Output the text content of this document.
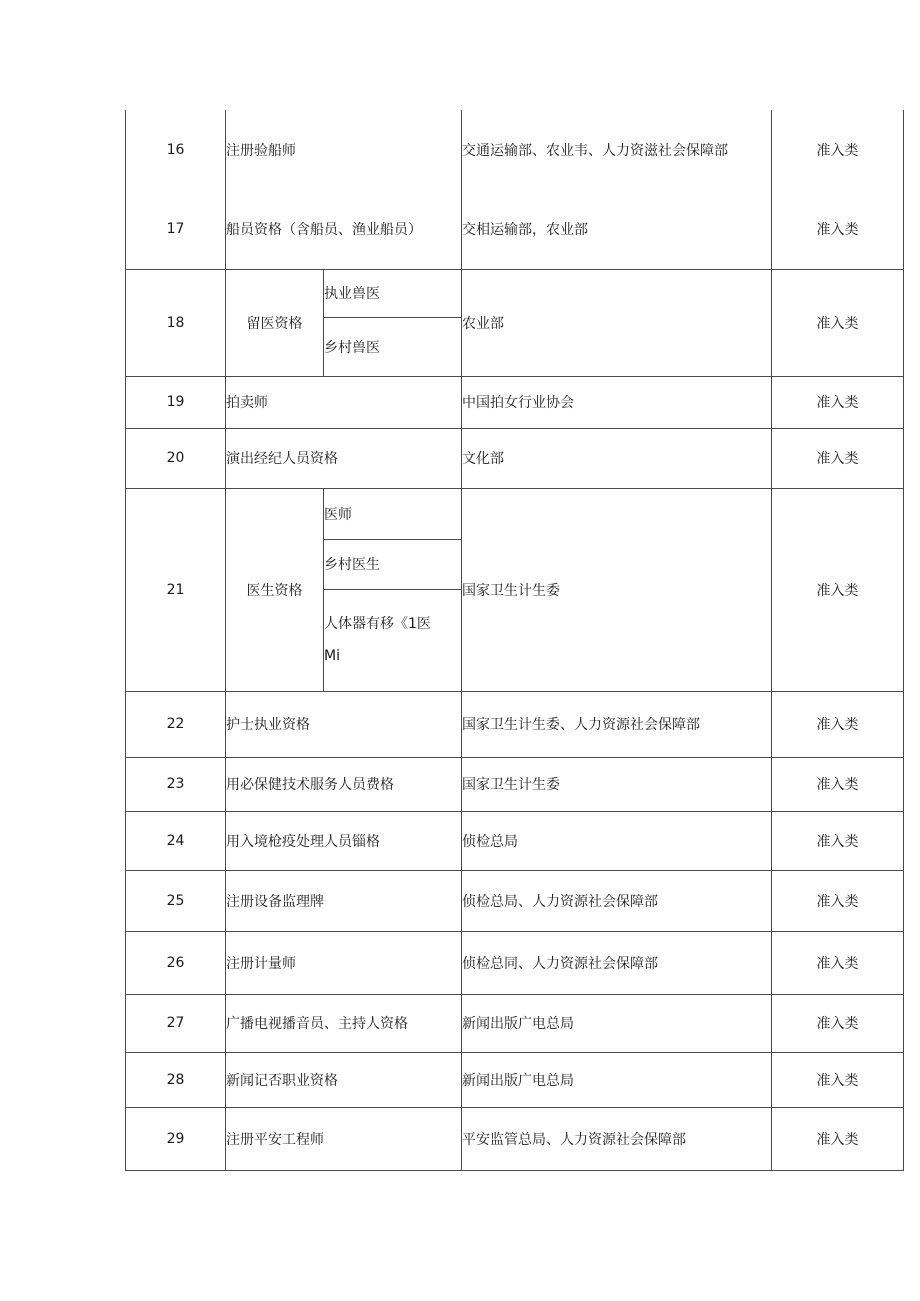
16	注册验船师		交通运输部、农业韦、人力资滋社会保障部	准入类
17	船员资格（含船员、渔业船员）		交相运输部，农业部	准入类
18	留医资格	执业兽医	农业部	准入类
		乡村兽医		
19	拍卖师		中国拍女行业协会	准入类
20	演出经纪人员资格		文化部	准入类
21	医生资格	医师	国家卫生计生委	准入类
		乡村医生		

		人体器有移《1医
Mi		

22	护士执业资格		国家卫生计生委、人力资源社会保障部	准入类
23	用必保健技术服务人员费格		国家卫生计生委	准入类
24	用入境枪疫处理人员锱格		侦检总局	准入类
25	注册设备监理牌		侦检总局、人力资源社会保障部	准入类
26	注册计量师		侦检总同、人力资源社会保障部	准入类
27	广播电视播音员、主持人资格		新闻出版广电总局	准入类
28	新闻记否职业资格		新闻出版广电总局	准入类
29	注册平安工程师		平安监管总局、人力资源社会保障部	准入类
